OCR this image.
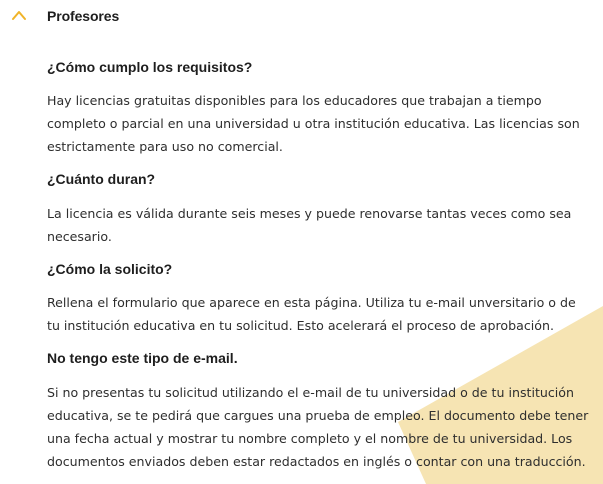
Profesores
¿Cómo cumplo los requisitos?
Hay licencias gratuitas disponibles para los educadores que trabajan a tiempo
completo o parcial en una universidad u otra institución educativa. Las licencias son
estrictamente para uso no comercial.
¿Cuánto duran?
La licencia es válida durante seis meses y puede renovarse tantas veces como sea
necesario.
¿Cómo la solicito?
Rellena el formulario que aparece en esta página. Utiliza tu e-mail unversitario o de
tu institución educativa en tu solicitud. Esto acelerará el proceso de aprobación.
No tengo este tipo de e-mail.
Si no presentas tu solicitud utilizando el e-mail de tu universidad o de tu institución
educativa, se te pedirá que cargues una prueba de empleo. El documento debe tener
una fecha actual y mostrar tu nombre completo y el nombre de tu universidad. Los
documentos enviados deben estar redactados en inglés o contar con una traducción.
